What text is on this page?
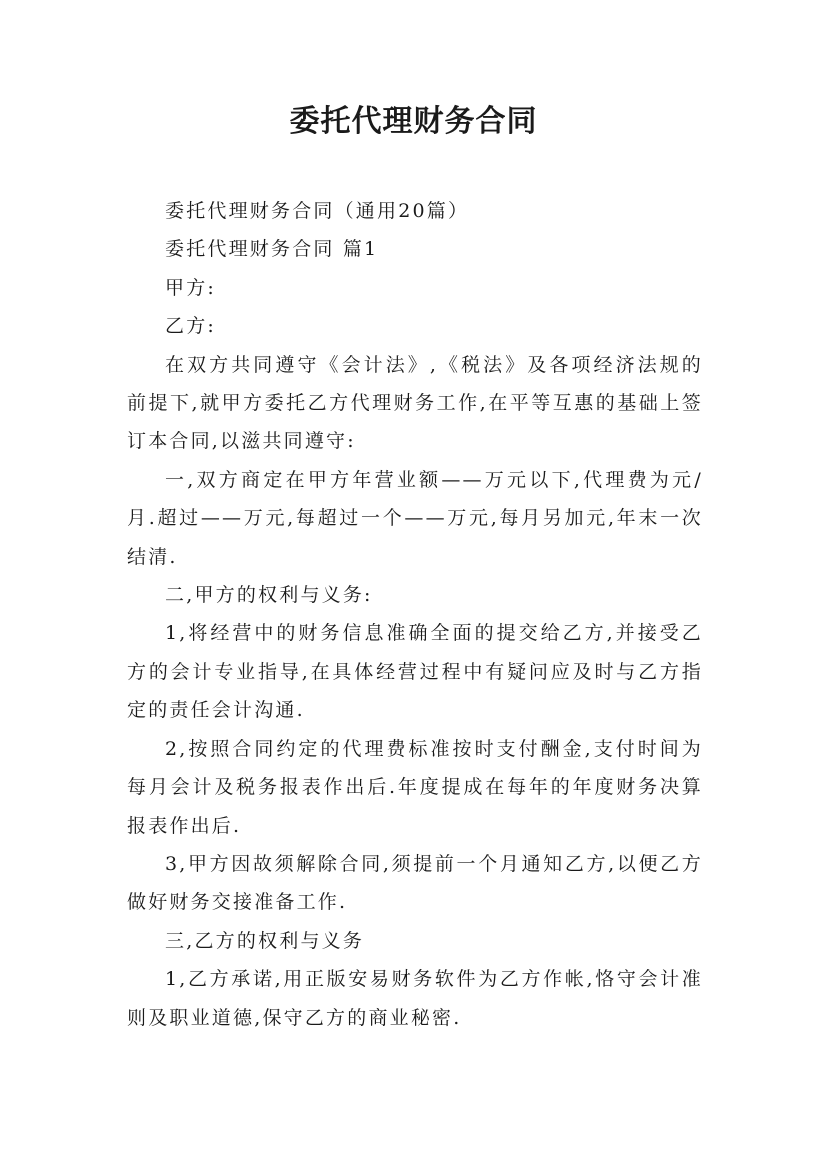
委托代理财务合同

委托代理财务合同（通用20篇）

委托代理财务合同 篇1

甲方:

乙方:

在双方共同遵守《会计法》,《税法》及各项经济法规的前提下,就甲方委托乙方代理财务工作,在平等互惠的基础上签订本合同,以滋共同遵守:

一,双方商定在甲方年营业额——万元以下,代理费为元/月.超过——万元,每超过一个——万元,每月另加元,年末一次结清.

二,甲方的权利与义务:

1,将经营中的财务信息准确全面的提交给乙方,并接受乙方的会计专业指导,在具体经营过程中有疑问应及时与乙方指定的责任会计沟通.

2,按照合同约定的代理费标准按时支付酬金,支付时间为每月会计及税务报表作出后.年度提成在每年的年度财务决算报表作出后.

3,甲方因故须解除合同,须提前一个月通知乙方,以便乙方做好财务交接准备工作.

三,乙方的权利与义务

1,乙方承诺,用正版安易财务软件为乙方作帐,恪守会计准则及职业道德,保守乙方的商业秘密.
